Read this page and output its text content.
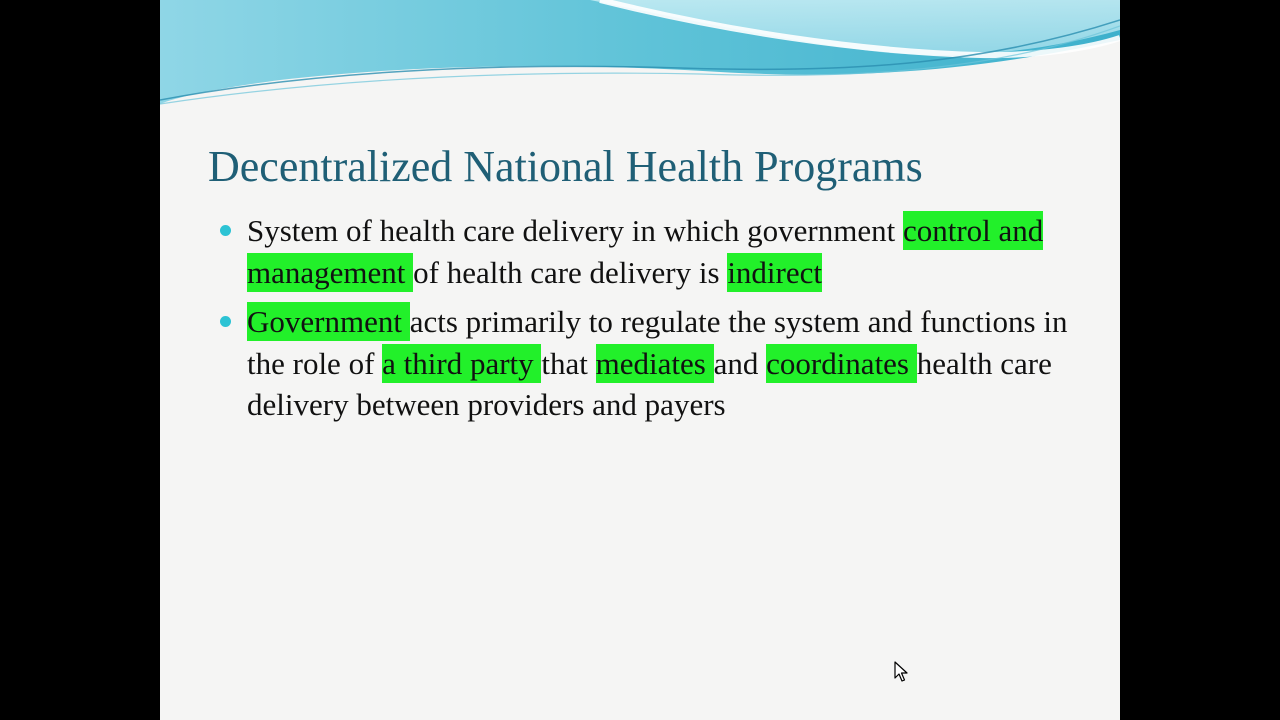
Decentralized National Health Programs
System of health care delivery in which government control and management of health care delivery is indirect
Government acts primarily to regulate the system and functions in the role of a third party that mediates and coordinates health care delivery between providers and payers
